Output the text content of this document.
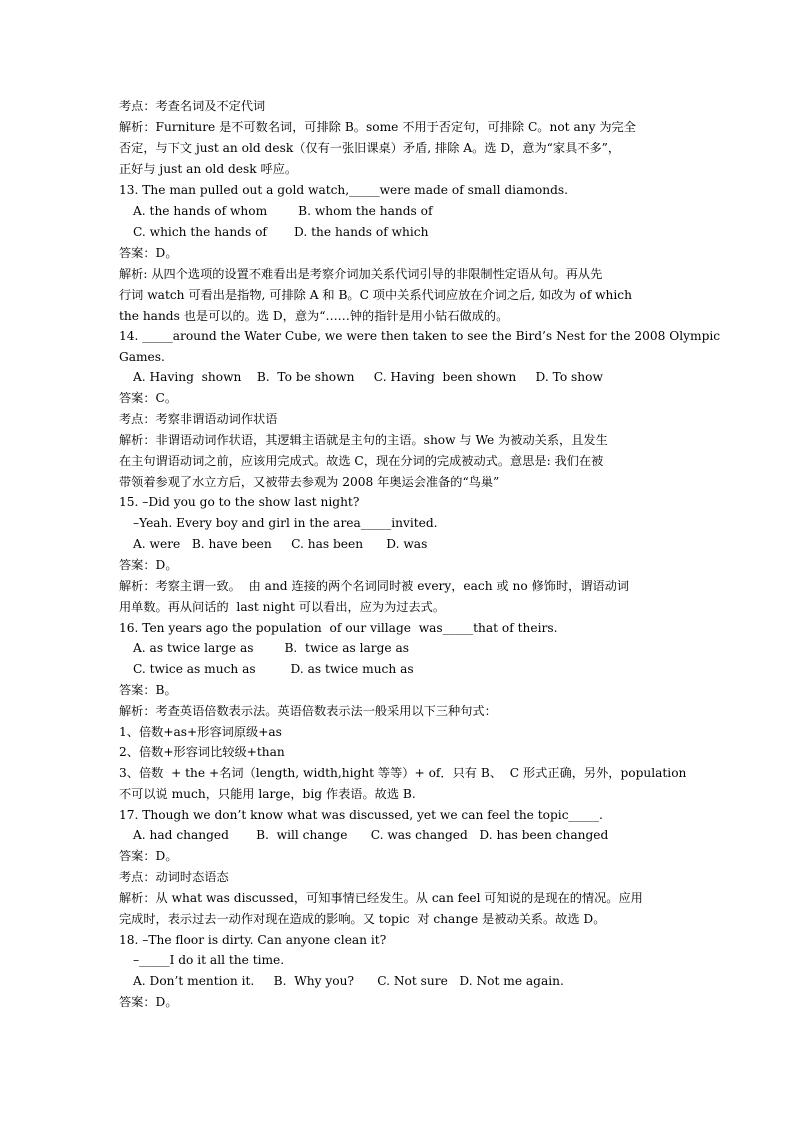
考点：考查名词及不定代词
解析：Furniture 是不可数名词，可排除 B。some 不用于否定句，可排除 C。not any 为完全
否定，与下文 just an old desk（仅有一张旧课桌）矛盾, 排除 A。选 D，意为“家具不多”，
正好与 just an old desk 呼应。
13. The man pulled out a gold watch,_____were made of small diamonds.
A. the hands of whom        B. whom the hands of
C. which the hands of       D. the hands of which
答案：D。
解析: 从四个选项的设置不难看出是考察介词加关系代词引导的非限制性定语从句。再从先
行词 watch 可看出是指物, 可排除 A 和 B。C 项中关系代词应放在介词之后, 如改为 of which
the hands 也是可以的。选 D，意为“……钟的指针是用小钻石做成的。
14. _____around the Water Cube, we were then taken to see the Bird’s Nest for the 2008 Olympic
Games.
A. Having  shown    B.  To be shown     C. Having  been shown     D. To show
答案：C。
考点：考察非谓语动词作状语
解析：非谓语动词作状语，其逻辑主语就是主句的主语。show 与 We 为被动关系，且发生
在主句谓语动词之前，应该用完成式。故选 C，现在分词的完成被动式。意思是: 我们在被
带领着参观了水立方后，又被带去参观为 2008 年奥运会准备的“鸟巢”
15. –Did you go to the show last night?
–Yeah. Every boy and girl in the area_____invited.
A. were   B. have been     C. has been      D. was
答案：D。
解析：考察主谓一致。  由 and 连接的两个名词同时被 every，each 或 no 修饰时，谓语动词
用单数。再从问话的  last night 可以看出，应为为过去式。
16. Ten years ago the population  of our village  was_____that of theirs.
A. as twice large as        B.  twice as large as
C. twice as much as         D. as twice much as
答案：B。
解析：考查英语倍数表示法。英语倍数表示法一般采用以下三种句式：
1、倍数+as+形容词原级+as
2、倍数+形容词比较级+than
3、倍数  + the +名词（length, width,hight 等等）+ of．只有 B、  C 形式正确，另外，population
不可以说 much，只能用 large，big 作表语。故选 B.
17. Though we don’t know what was discussed, yet we can feel the topic_____.
A. had changed       B.  will change      C. was changed   D. has been changed
答案：D。
考点：动词时态语态
解析：从 what was discussed，可知事情已经发生。从 can feel 可知说的是现在的情况。应用
完成时，表示过去一动作对现在造成的影响。又 topic  对 change 是被动关系。故选 D。
18. –The floor is dirty. Can anyone clean it?
–_____I do it all the time.
A. Don’t mention it.     B.  Why you?      C. Not sure   D. Not me again.
答案：D。
